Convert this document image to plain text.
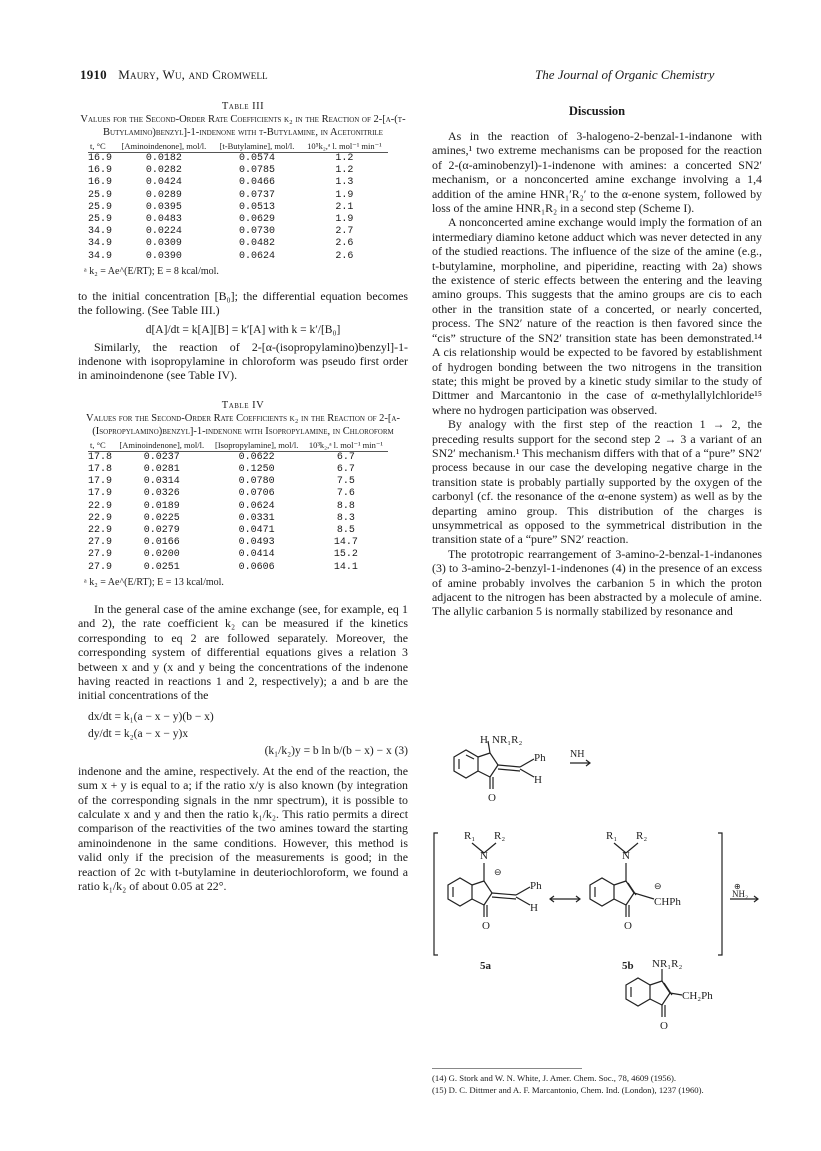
1910 Maury, Wu, and Cromwell	The Journal of Organic Chemistry
Table III
Values for the Second-Order Rate Coefficients k₂ in the Reaction of 2-[α-(t-Butylamino)benzyl]-1-indenone with t-Butylamine, in Acetonitrile
t, °C	[Aminoindenone], mol/l.	[t-Butylamine], mol/l.	10⁵k₂,ᵃ l. mol⁻¹ min⁻¹
16.9	0.0182	0.0574	1.2
16.9	0.0282	0.0785	1.2
16.9	0.0424	0.0466	1.3
25.9	0.0289	0.0737	1.9
25.9	0.0395	0.0513	2.1
25.9	0.0483	0.0629	1.9
34.9	0.0224	0.0730	2.7
34.9	0.0309	0.0482	2.6
34.9	0.0390	0.0624	2.6
ᵃ k₂ = Ae^(E/RT); E = 8 kcal/mol.

to the initial concentration [B₀]; the differential equation becomes the following. (See Table III.)

d[A]/dt = k[A][B] = k′[A] with k = k′/[B₀]

Similarly, the reaction of 2-[α-(isopropylamino)benzyl]-1-indenone with isopropylamine in chloroform was pseudo first order in aminoindenone (see Table IV).

Table IV
Values for the Second-Order Rate Coefficients k₂ in the Reaction of 2-[α-(Isopropylamino)benzyl]-1-indenone with Isopropylamine, in Chloroform
t, °C	[Aminoindenone], mol/l.	[Isopropylamine], mol/l.	10³k₂,ᵃ l. mol⁻¹ min⁻¹
17.8	0.0237	0.0622	6.7
17.8	0.0281	0.1250	6.7
17.9	0.0314	0.0780	7.5
17.9	0.0326	0.0706	7.6
22.9	0.0189	0.0624	8.8
22.9	0.0225	0.0331	8.3
22.9	0.0279	0.0471	8.5
27.9	0.0166	0.0493	14.7
27.9	0.0200	0.0414	15.2
27.9	0.0251	0.0606	14.1
ᵃ k₂ = Ae^(E/RT); E = 13 kcal/mol.

In the general case of the amine exchange (see, for example, eq 1 and 2), the rate coefficient k₂ can be measured if the kinetics corresponding to eq 2 are followed separately. Moreover, the corresponding system of differential equations gives a relation 3 between x and y (x and y being the concentrations of the indenone having reacted in reactions 1 and 2, respectively); a and b are the initial concentrations of the

dx/dt = k₁(a − x − y)(b − x)
dy/dt = k₂(a − x − y)x
(k₁/k₂)y = b ln b/(b − x) − x (3)

indenone and the amine, respectively. At the end of the reaction, the sum x + y is equal to a; if the ratio x/y is also known (by integration of the corresponding signals in the nmr spectrum), it is possible to calculate x and y and then the ratio k₁/k₂. This ratio permits a direct comparison of the reactivities of the two amines toward the starting aminoindenone in the same conditions. However, this method is valid only if the precision of the measurements is good; in the reaction of 2c with t-butylamine in deuteriochloroform, we found a ratio k₁/k₂ of about 0.05 at 22°.

Discussion

As in the reaction of 3-halogeno-2-benzal-1-indanone with amines,¹ two extreme mechanisms can be proposed for the reaction of 2-(α-aminobenzyl)-1-indenone with amines: a concerted SN2′ mechanism, or a nonconcerted amine exchange involving a 1,4 addition of the amine HNR₁′R₂′ to the α-enone system, followed by loss of the amine HNR₁R₂ in a second step (Scheme I).

A nonconcerted amine exchange would imply the formation of an intermediary diamino ketone adduct which was never detected in any of the studied reactions. The influence of the size of the amine (e.g., t-butylamine, morpholine, and piperidine, reacting with 2a) shows the existence of steric effects between the entering and the leaving amino groups. This suggests that the amino groups are cis to each other in the transition state of a concerted, or nearly concerted, process. The SN2′ nature of the reaction is then favored since the “cis” structure of the SN2′ transition state has been demonstrated.¹⁴ A cis relationship would be expected to be favored by establishment of hydrogen bonding between the two nitrogens in the transition state; this might be proved by a kinetic study similar to the study of Dittmer and Marcantonio in the case of α-methylallylchloride¹⁵ where no hydrogen participation was observed.

By analogy with the first step of the reaction 1 → 2, the preceding results support for the second step 2 → 3 a variant of an SN2′ mechanism.¹ This mechanism differs with that of a “pure” SN2′ process because in our case the developing negative charge in the transition state is probably partially supported by the oxygen of the carbonyl (cf. the resonance of the α-enone system) as well as by the departing amino group. This distribution of the charges is unsymmetrical as opposed to the symmetrical distribution in the transition state of a “pure” SN2′ reaction.

The prototropic rearrangement of 3-amino-2-benzal-1-indanones (3) to 3-amino-2-benzyl-1-indenones (4) in the presence of an excess of amine probably involves the carbanion 5 in which the proton adjacent to the nitrogen has been abstracted by a molecule of amine. The allylic carbanion 5 is normally stabilized by resonance and

H NR₁R₂
Ph
H
O
NH
R₁ R₂
N
⊖
Ph
H
O
5a
R₁ R₂
N
⊖
CHPh
O
5b
⊕
NH₂
NR₁R₂
CH₂Ph
O
(14) G. Stork and W. N. White, J. Amer. Chem. Soc., 78, 4609 (1956).
(15) D. C. Dittmer and A. F. Marcantonio, Chem. Ind. (London), 1237 (1960).
